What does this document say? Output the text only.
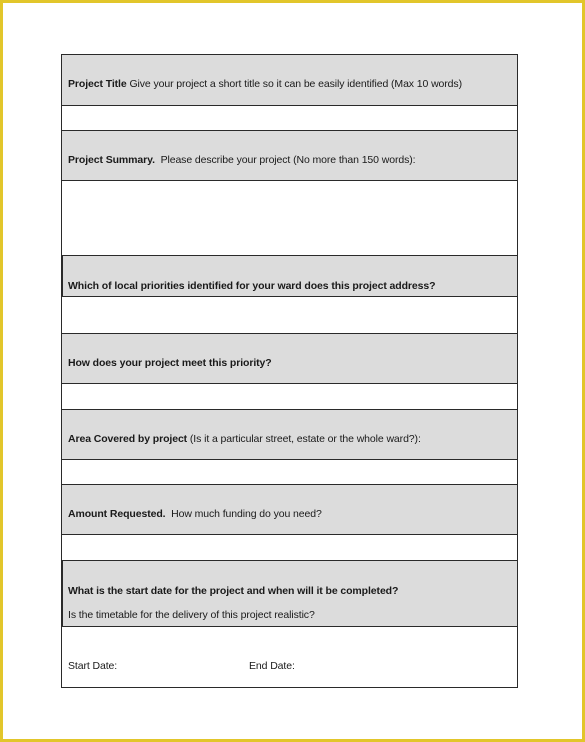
Project Title Give your project a short title so it can be easily identified (Max 10 words)
Project Summary. Please describe your project (No more than 150 words):
Which of local priorities identified for your ward does this project address?
How does your project meet this priority?
Area Covered by project (Is it a particular street, estate or the whole ward?):
Amount Requested. How much funding do you need?
What is the start date for the project and when will it be completed?
Is the timetable for the delivery of this project realistic?
Start Date:	End Date:
